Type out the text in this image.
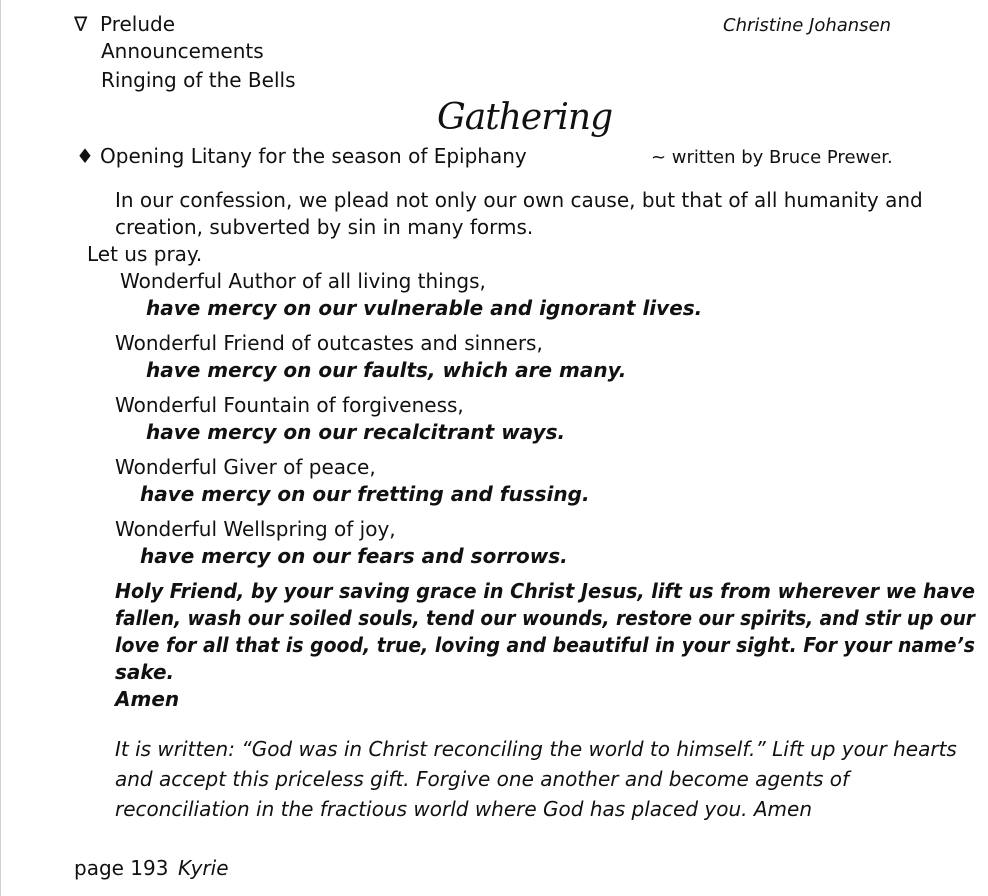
∇ Prelude	Christine Johansen
Announcements
Ringing of the Bells
Gathering
♦ Opening Litany for the season of Epiphany	~ written by Bruce Prewer.
In our confession, we plead not only our own cause, but that of all humanity and
creation, subverted by sin in many forms.
Let us pray.
Wonderful Author of all living things,
have mercy on our vulnerable and ignorant lives.
Wonderful Friend of outcastes and sinners,
have mercy on our faults, which are many.
Wonderful Fountain of forgiveness,
have mercy on our recalcitrant ways.
Wonderful Giver of peace,
have mercy on our fretting and fussing.
Wonderful Wellspring of joy,
have mercy on our fears and sorrows.
Holy Friend, by your saving grace in Christ Jesus, lift us from wherever we have
fallen, wash our soiled souls, tend our wounds, restore our spirits, and stir up our
love for all that is good, true, loving and beautiful in your sight. For your name’s
sake.
Amen
It is written: “God was in Christ reconciling the world to himself.” Lift up your hearts
and accept this priceless gift. Forgive one another and become agents of
reconciliation in the fractious world where God has placed you. Amen
page 193 Kyrie
